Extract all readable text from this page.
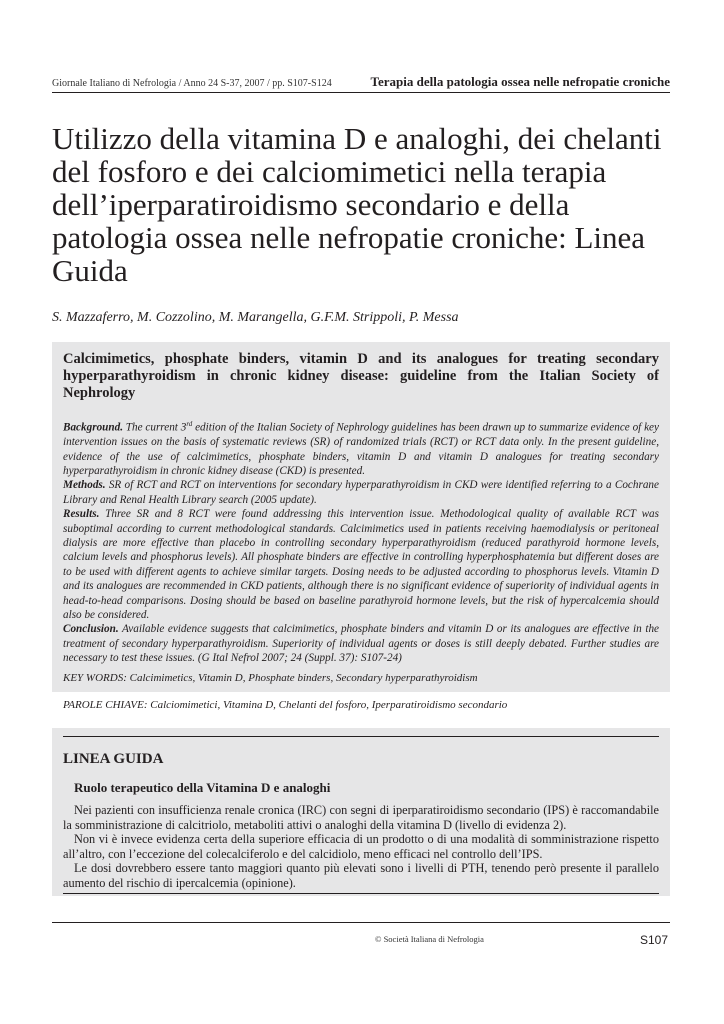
Giornale Italiano di Nefrologia / Anno 24 S-37, 2007 / pp. S107-S124	Terapia della patologia ossea nelle nefropatie croniche
Utilizzo della vitamina D e analoghi, dei chelanti del fosforo e dei calciomimetici nella terapia dell’iperparatiroidismo secondario e della patologia ossea nelle nefropatie croniche: Linea Guida
S. Mazzaferro, M. Cozzolino, M. Marangella, G.F.M. Strippoli, P. Messa
Calcimimetics, phosphate binders, vitamin D and its analogues for treating secondary hyperparathyroidism in chronic kidney disease: guideline from the Italian Society of Nephrology

Background. The current 3rd edition of the Italian Society of Nephrology guidelines has been drawn up to summarize evidence of key intervention issues on the basis of systematic reviews (SR) of randomized trials (RCT) or RCT data only. In the present guideline, evidence of the use of calcimimetics, phosphate binders, vitamin D and vitamin D analogues for treating secondary hyperparathyroidism in chronic kidney disease (CKD) is presented.

Methods. SR of RCT and RCT on interventions for secondary hyperparathyroidism in CKD were identified referring to a Cochrane Library and Renal Health Library search (2005 update).

Results. Three SR and 8 RCT were found addressing this intervention issue. Methodological quality of available RCT was suboptimal according to current methodological standards. Calcimimetics used in patients receiving haemodialysis or peritoneal dialysis are more effective than placebo in controlling secondary hyperparathyroidism (reduced parathyroid hormone levels, calcium levels and phosphorus levels). All phosphate binders are effective in controlling hyperphosphatemia but different doses are to be used with different agents to achieve similar targets. Dosing needs to be adjusted according to phosphorus levels. Vitamin D and its analogues are recommended in CKD patients, although there is no significant evidence of superiority of individual agents in head-to-head comparisons. Dosing should be based on baseline parathyroid hormone levels, but the risk of hypercalcemia should also be considered.

Conclusion. Available evidence suggests that calcimimetics, phosphate binders and vitamin D or its analogues are effective in the treatment of secondary hyperparathyroidism. Superiority of individual agents or doses is still deeply debated. Further studies are necessary to test these issues. (G Ital Nefrol 2007; 24 (Suppl. 37): S107-24)

KEY WORDS: Calcimimetics, Vitamin D, Phosphate binders, Secondary hyperparathyroidism
PAROLE CHIAVE: Calciomimetici, Vitamina D, Chelanti del fosforo, Iperparatiroidismo secondario
LINEA GUIDA
Ruolo terapeutico della Vitamina D e analoghi

Nei pazienti con insufficienza renale cronica (IRC) con segni di iperparatiroidismo secondario (IPS) è raccomandabile la somministrazione di calcitriolo, metaboliti attivi o analoghi della vitamina D (livello di evidenza 2).

Non vi è invece evidenza certa della superiore efficacia di un prodotto o di una modalità di somministrazione rispetto all’altro, con l’eccezione del colecalciferolo e del calcidiolo, meno efficaci nel controllo dell’IPS.

Le dosi dovrebbero essere tanto maggiori quanto più elevati sono i livelli di PTH, tenendo però presente il parallelo aumento del rischio di ipercalcemia (opinione).

© Società Italiana di Nefrologia	S107
